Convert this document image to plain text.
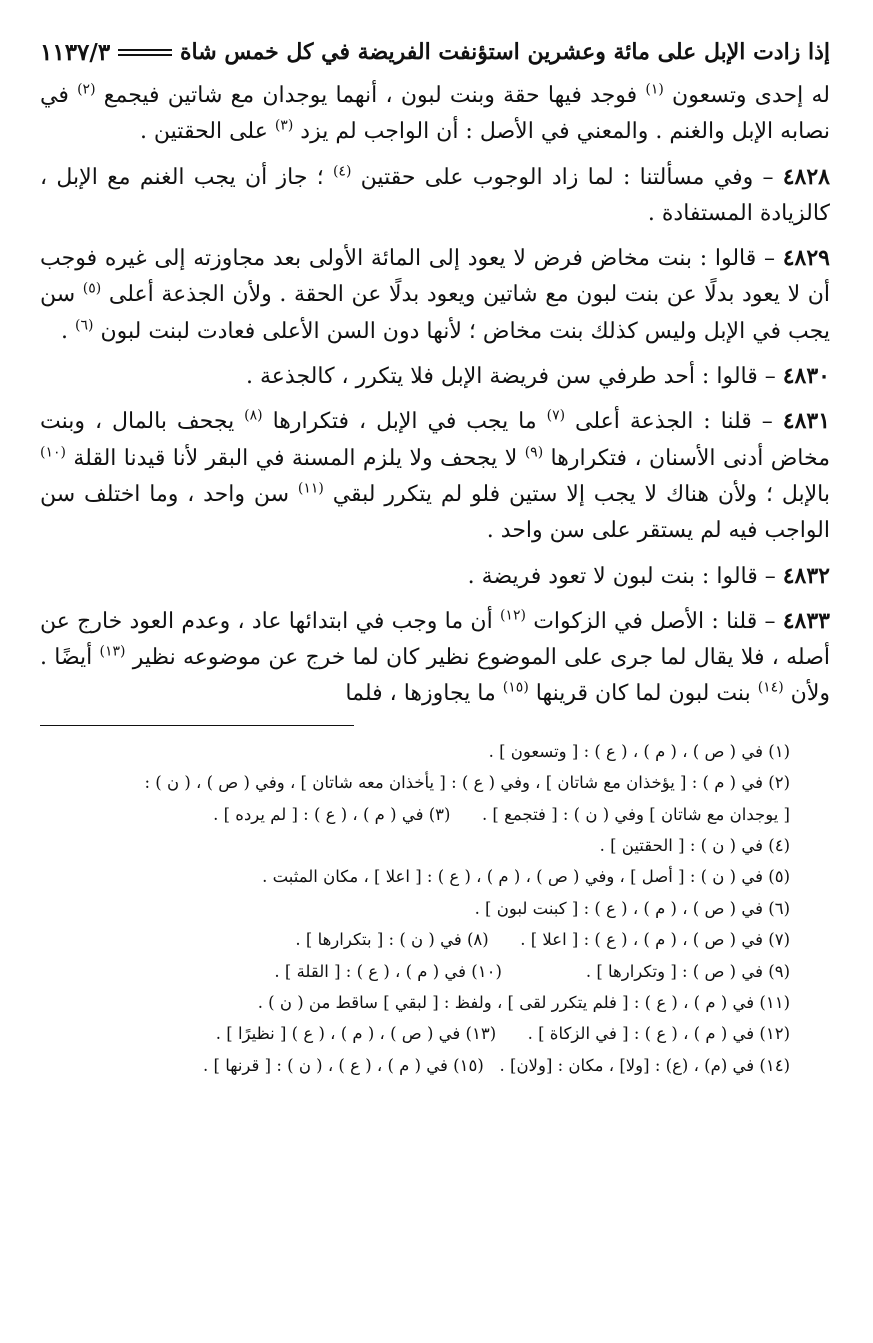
إذا زادت الإبل على مائة وعشرين استؤنفت الفريضة في كل خمس شاة
١١٣٧/٣

له إحدى وتسعون $^{(١)}$ فوجد فيها حقة وبنت لبون ، أنهما يوجدان مع شاتين فيجمع $^{(٢)}$ في نصابه الإبل والغنم . والمعني في الأصل : أن الواجب لم يزد $^{(٣)}$ على الحقتين .

٤٨٢٨ – وفي مسألتنا : لما زاد الوجوب على حقتين $^{(٤)}$ ؛ جاز أن يجب الغنم مع الإبل ، كالزيادة المستفادة .

٤٨٢٩ – قالوا : بنت مخاض فرض لا يعود إلى المائة الأولى بعد مجاوزته إلى غيره فوجب أن لا يعود بدلًا عن بنت لبون مع شاتين ويعود بدلًا عن الحقة . ولأن الجذعة أعلى $^{(٥)}$ سن يجب في الإبل وليس كذلك بنت مخاض ؛ لأنها دون السن الأعلى فعادت لبنت لبون $^{(٦)}$ .

٤٨٣٠ – قالوا : أحد طرفي سن فريضة الإبل فلا يتكرر ، كالجذعة .

٤٨٣١ – قلنا : الجذعة أعلى $^{(٧)}$ ما يجب في الإبل ، فتكرارها $^{(٨)}$ يجحف بالمال ، وبنت مخاض أدنى الأسنان ، فتكرارها $^{(٩)}$ لا يجحف ولا يلزم المسنة في البقر لأنا قيدنا القلة $^{(١٠)}$ بالإبل ؛ ولأن هناك لا يجب إلا ستين فلو لم يتكرر لبقي $^{(١١)}$ سن واحد ، وما اختلف سن الواجب فيه لم يستقر على سن واحد .

٤٨٣٢ – قالوا : بنت لبون لا تعود فريضة .

٤٨٣٣ – قلنا : الأصل في الزكوات $^{(١٢)}$ أن ما وجب في ابتدائها عاد ، وعدم العود خارج عن أصله ، فلا يقال لما جرى على الموضوع نظير كان لما خرج عن موضوعه نظير $^{(١٣)}$ أيضًا . ولأن $^{(١٤)}$ بنت لبون لما كان قرينها $^{(١٥)}$ ما يجاوزها ، فلما

(١) في ( ص ) ، ( م ) ، ( ع ) : [ وتسعون ] .
(٢) في ( م ) : [ يؤخذان مع شاتان ] ، وفي ( ع ) : [ يأخذان معه شاتان ] ، وفي ( ص ) ، ( ن ) :
[ يوجدان مع شاتان ] وفي ( ن ) : [ فتجمع ] .      (٣) في ( م ) ، ( ع ) : [ لم يرده ] .
(٤) في ( ن ) : [ الحقتين ] .
(٥) في ( ن ) : [ أصل ] ، وفي ( ص ) ، ( م ) ، ( ع ) : [ اعلا ] ، مكان المثبت .
(٦) في ( ص ) ، ( م ) ، ( ع ) : [ كبنت لبون ] .
(٧) في ( ص ) ، ( م ) ، ( ع ) : [ اعلا ] .      (٨) في ( ن ) : [ بتكرارها ] .
(٩) في ( ص ) : [ وتكرارها ] .                (١٠) في ( م ) ، ( ع ) : [ القلة ] .
(١١) في ( م ) ، ( ع ) : [ فلم يتكرر لقى ] ، ولفظ : [ لبقي ] ساقط من ( ن ) .
(١٢) في ( م ) ، ( ع ) : [ في الزكاة ] .      (١٣) في ( ص ) ، ( م ) ، ( ع ) [ نظيرًا ] .
(١٤) في (م) ، (ع) : [ولا] ، مكان : [ولان] .   (١٥) في ( م ) ، ( ع ) ، ( ن ) : [ قرنها ] .
